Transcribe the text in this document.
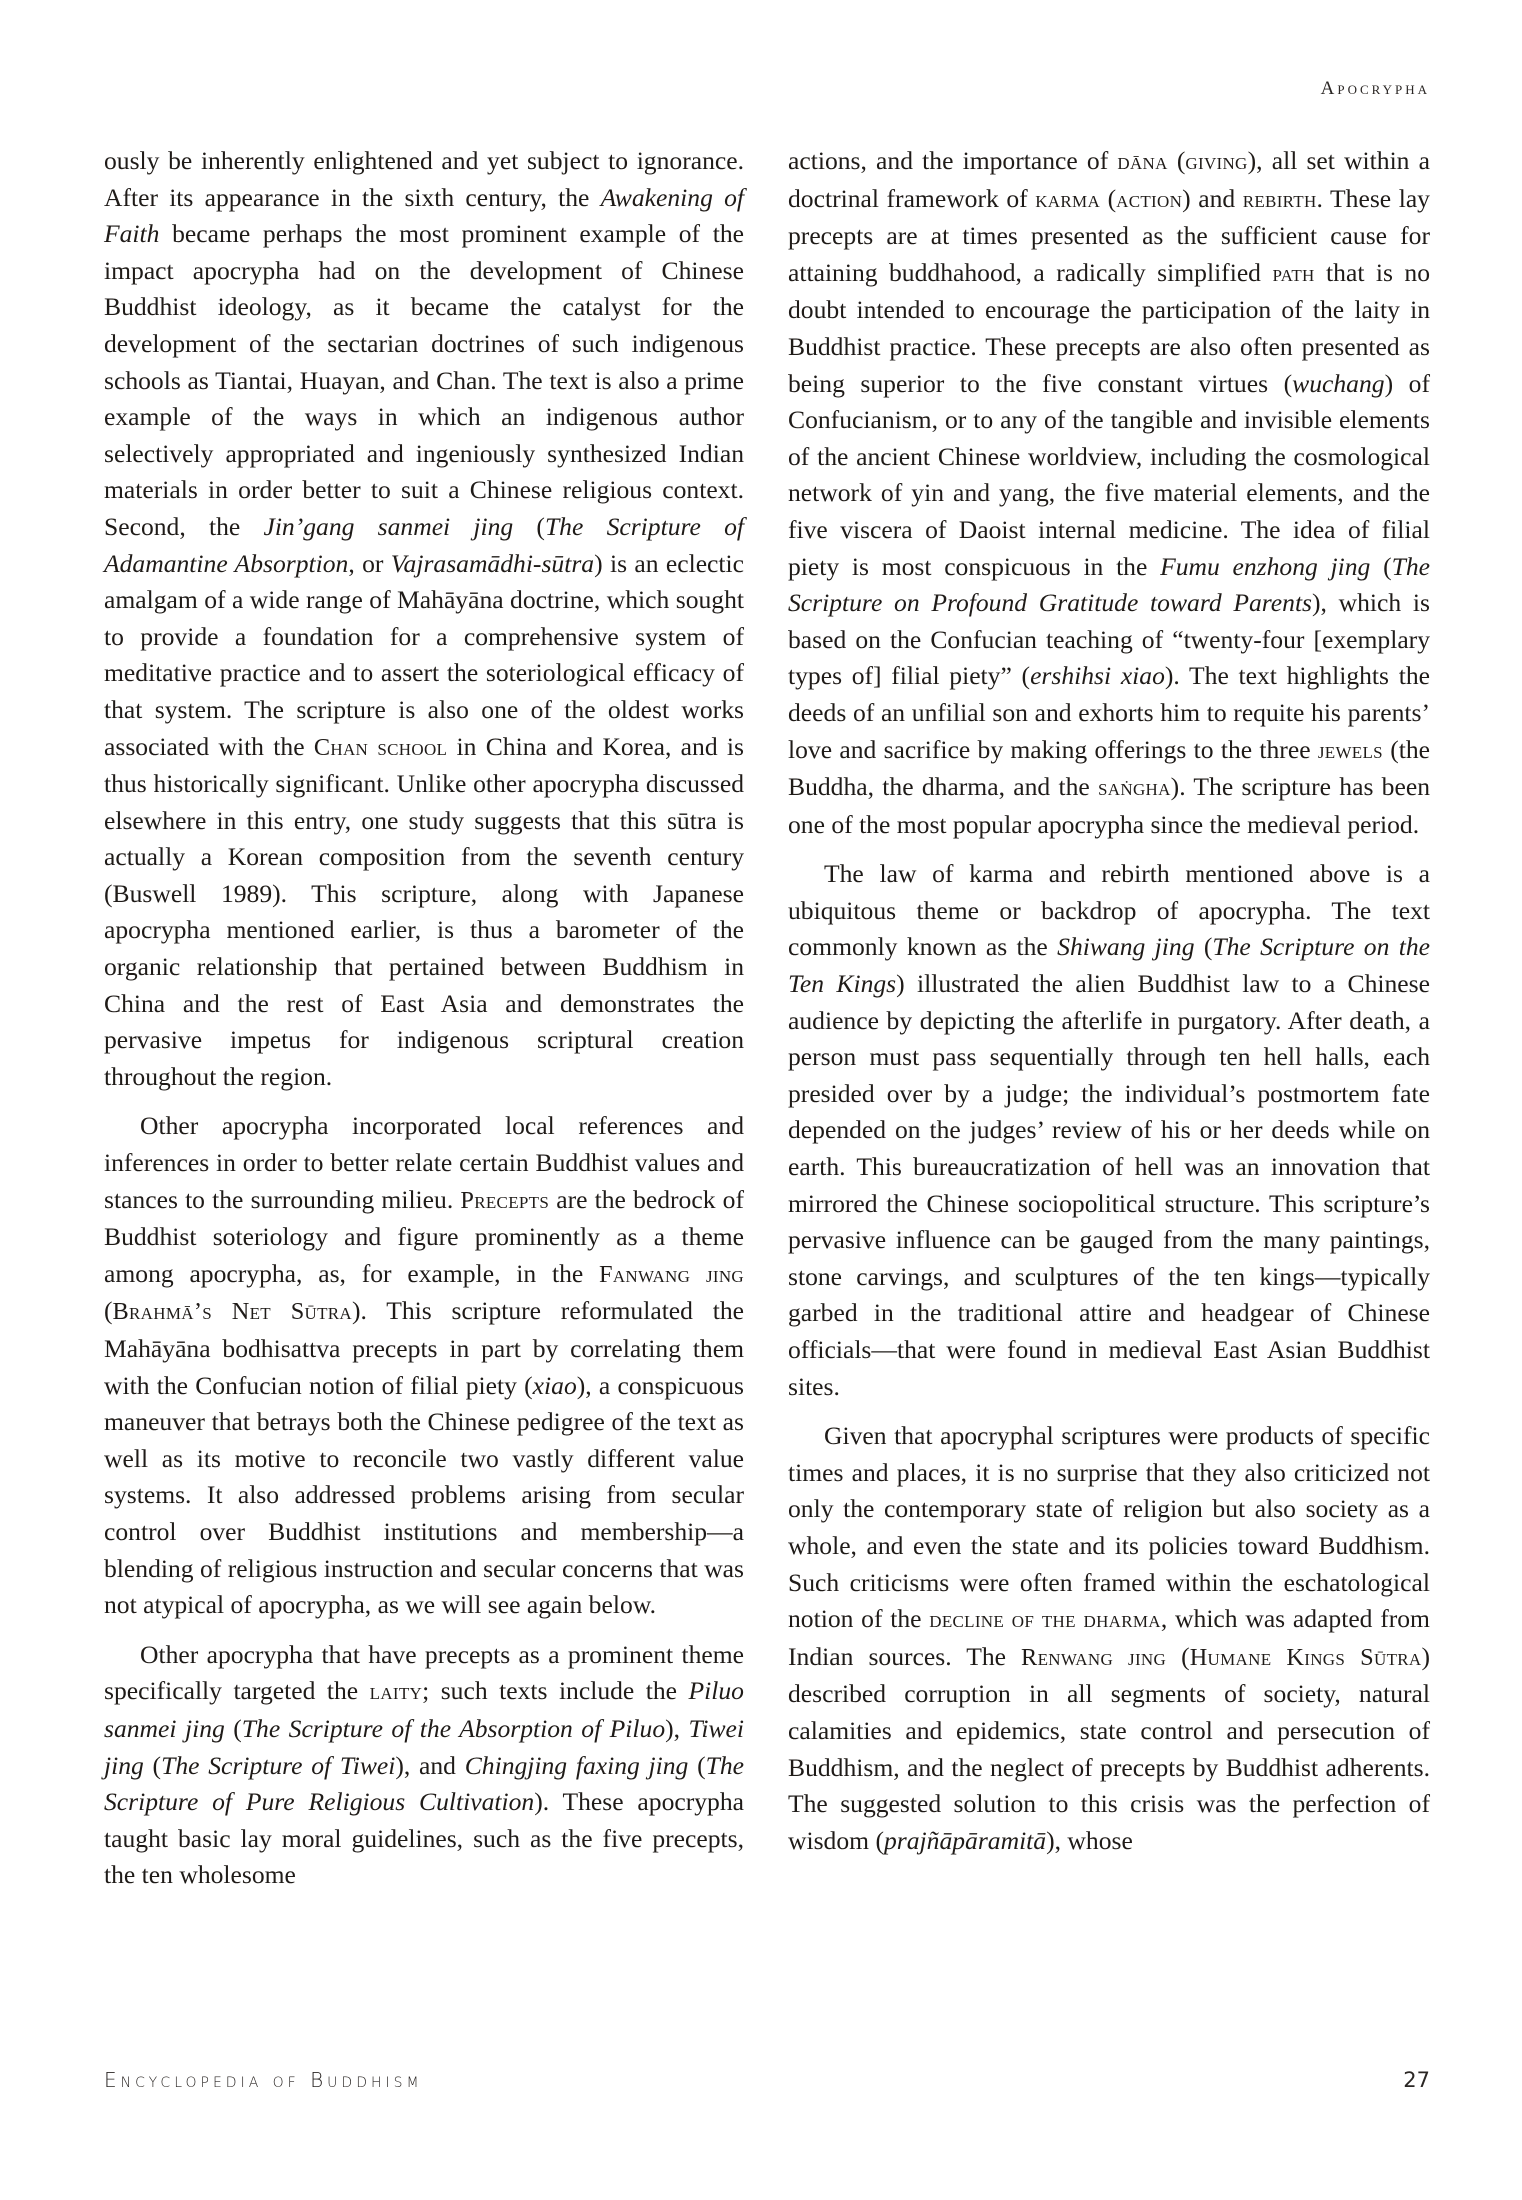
Apocrypha

ously be inherently enlightened and yet subject to ignorance. After its appearance in the sixth century, the Awakening of Faith became perhaps the most prominent example of the impact apocrypha had on the development of Chinese Buddhist ideology, as it became the catalyst for the development of the sectarian doctrines of such indigenous schools as Tiantai, Huayan, and Chan. The text is also a prime example of the ways in which an indigenous author selectively appropriated and ingeniously synthesized Indian materials in order better to suit a Chinese religious context. Second, the Jin’gang sanmei jing (The Scripture of Adamantine Absorption, or Vajrasamādhi-sūtra) is an eclectic amalgam of a wide range of Mahāyāna doctrine, which sought to provide a foundation for a comprehensive system of meditative practice and to assert the soteriological efficacy of that system. The scripture is also one of the oldest works associated with the Chan school in China and Korea, and is thus historically significant. Unlike other apocrypha discussed elsewhere in this entry, one study suggests that this sūtra is actually a Korean composition from the seventh century (Buswell 1989). This scripture, along with Japanese apocrypha mentioned earlier, is thus a barometer of the organic relationship that pertained between Buddhism in China and the rest of East Asia and demonstrates the pervasive impetus for indigenous scriptural creation throughout the region.

Other apocrypha incorporated local references and inferences in order to better relate certain Buddhist values and stances to the surrounding milieu. Precepts are the bedrock of Buddhist soteriology and figure prominently as a theme among apocrypha, as, for example, in the Fanwang jing (Brahmā’s Net Sūtra). This scripture reformulated the Mahāyāna bodhisattva precepts in part by correlating them with the Confucian notion of filial piety (xiao), a conspicuous maneuver that betrays both the Chinese pedigree of the text as well as its motive to reconcile two vastly different value systems. It also addressed problems arising from secular control over Buddhist institutions and membership—a blending of religious instruction and secular concerns that was not atypical of apocrypha, as we will see again below.

Other apocrypha that have precepts as a prominent theme specifically targeted the laity; such texts include the Piluo sanmei jing (The Scripture of the Absorption of Piluo), Tiwei jing (The Scripture of Tiwei), and Chingjing faxing jing (The Scripture of Pure Religious Cultivation). These apocrypha taught basic lay moral guidelines, such as the five precepts, the ten wholesome

actions, and the importance of dāna (giving), all set within a doctrinal framework of karma (action) and rebirth. These lay precepts are at times presented as the sufficient cause for attaining buddhahood, a radically simplified path that is no doubt intended to encourage the participation of the laity in Buddhist practice. These precepts are also often presented as being superior to the five constant virtues (wuchang) of Confucianism, or to any of the tangible and invisible elements of the ancient Chinese worldview, including the cosmological network of yin and yang, the five material elements, and the five viscera of Daoist internal medicine. The idea of filial piety is most conspicuous in the Fumu enzhong jing (The Scripture on Profound Gratitude toward Parents), which is based on the Confucian teaching of “twenty-four [exemplary types of] filial piety” (ershihsi xiao). The text highlights the deeds of an unfilial son and exhorts him to requite his parents’ love and sacrifice by making offerings to the three jewels (the Buddha, the dharma, and the saṅgha). The scripture has been one of the most popular apocrypha since the medieval period.

The law of karma and rebirth mentioned above is a ubiquitous theme or backdrop of apocrypha. The text commonly known as the Shiwang jing (The Scripture on the Ten Kings) illustrated the alien Buddhist law to a Chinese audience by depicting the afterlife in purgatory. After death, a person must pass sequentially through ten hell halls, each presided over by a judge; the individual’s postmortem fate depended on the judges’ review of his or her deeds while on earth. This bureaucratization of hell was an innovation that mirrored the Chinese sociopolitical structure. This scripture’s pervasive influence can be gauged from the many paintings, stone carvings, and sculptures of the ten kings—typically garbed in the traditional attire and headgear of Chinese officials—that were found in medieval East Asian Buddhist sites.

Given that apocryphal scriptures were products of specific times and places, it is no surprise that they also criticized not only the contemporary state of religion but also society as a whole, and even the state and its policies toward Buddhism. Such criticisms were often framed within the eschatological notion of the decline of the dharma, which was adapted from Indian sources. The Renwang jing (Humane Kings Sūtra) described corruption in all segments of society, natural calamities and epidemics, state control and persecution of Buddhism, and the neglect of precepts by Buddhist adherents. The suggested solution to this crisis was the perfection of wisdom (prajñāpāramitā), whose

Encyclopedia of Buddhism	27
